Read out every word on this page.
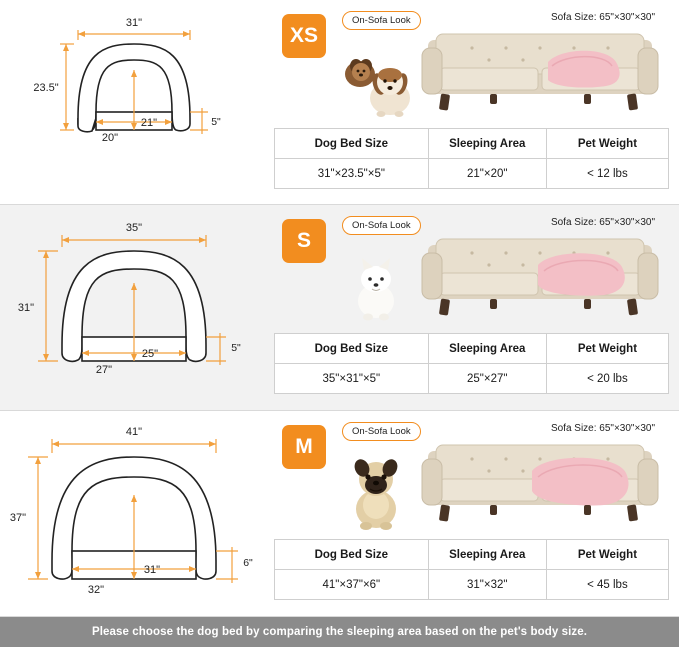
31"
23.5"
20"
21"	5"
XS
On-Sofa Look	Sofa Size: 65"×30"×30"
Dog Bed Size	Sleeping Area	Pet Weight
31"×23.5"×5"	21"×20"	< 12 lbs
35"
31"
27"
25"	5"
S
On-Sofa Look	Sofa Size: 65"×30"×30"
Dog Bed Size	Sleeping Area	Pet Weight
35"×31"×5"	25"×27"	< 20 lbs
41"
37"
32"
31"
6"
M
On-Sofa Look	Sofa Size: 65"×30"×30"
Dog Bed Size	Sleeping Area	Pet Weight
41"×37"×6"	31"×32"	< 45 lbs
Please choose the dog bed by comparing the sleeping area based on the pet's body size.
